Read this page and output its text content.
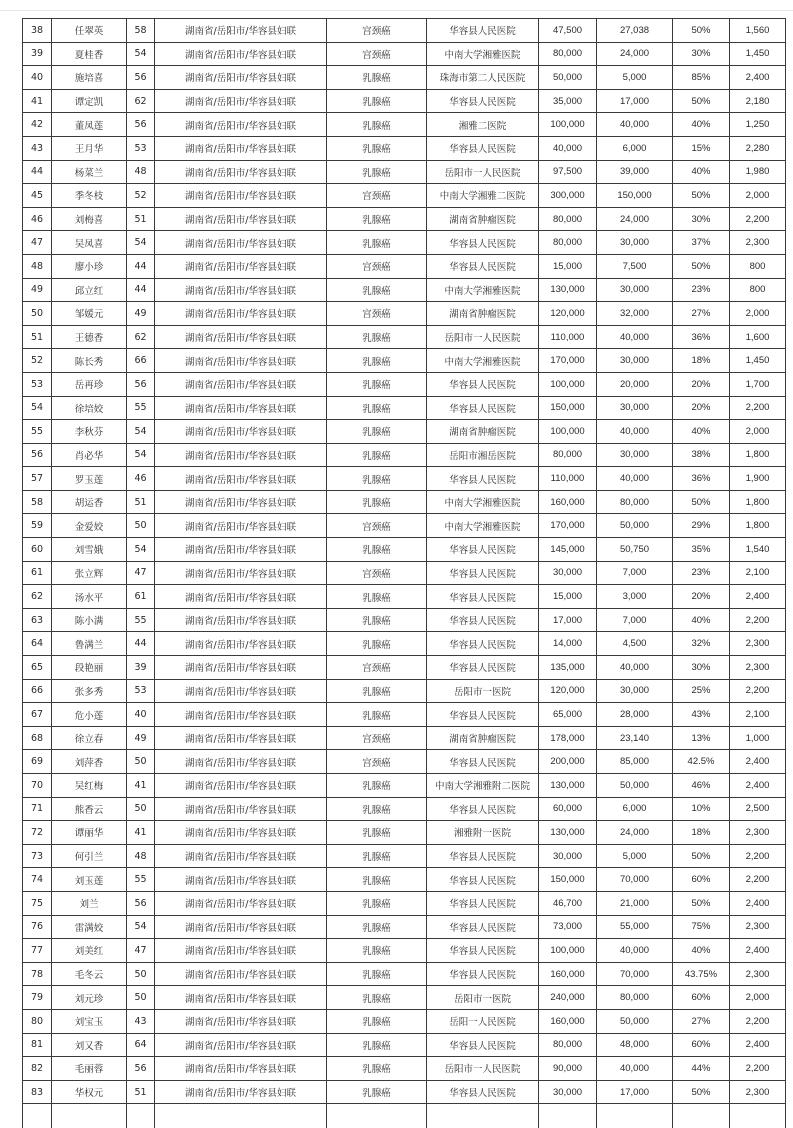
38	任翠英	58	湖南省/岳阳市/华容县妇联	宫颈癌	华容县人民医院	47,500	27,038	50%	1,560
39	夏桂香	54	湖南省/岳阳市/华容县妇联	宫颈癌	中南大学湘雅医院	80,000	24,000	30%	1,450
40	施培喜	56	湖南省/岳阳市/华容县妇联	乳腺癌	珠海市第二人民医院	50,000	5,000	85%	2,400
41	谭定凯	62	湖南省/岳阳市/华容县妇联	乳腺癌	华容县人民医院	35,000	17,000	50%	2,180
42	董凤莲	56	湖南省/岳阳市/华容县妇联	乳腺癌	湘雅二医院	100,000	40,000	40%	1,250
43	王月华	53	湖南省/岳阳市/华容县妇联	乳腺癌	华容县人民医院	40,000	6,000	15%	2,280
44	杨菜兰	48	湖南省/岳阳市/华容县妇联	乳腺癌	岳阳市一人民医院	97,500	39,000	40%	1,980
45	季冬枝	52	湖南省/岳阳市/华容县妇联	宫颈癌	中南大学湘雅二医院	300,000	150,000	50%	2,000
46	刘梅喜	51	湖南省/岳阳市/华容县妇联	乳腺癌	湖南省肿瘤医院	80,000	24,000	30%	2,200
47	吴凤喜	54	湖南省/岳阳市/华容县妇联	乳腺癌	华容县人民医院	80,000	30,000	37%	2,300
48	廖小珍	44	湖南省/岳阳市/华容县妇联	宫颈癌	华容县人民医院	15,000	7,500	50%	800
49	邱立红	44	湖南省/岳阳市/华容县妇联	乳腺癌	中南大学湘雅医院	130,000	30,000	23%	800
50	邹媛元	49	湖南省/岳阳市/华容县妇联	宫颈癌	湖南省肿瘤医院	120,000	32,000	27%	2,000
51	王德香	62	湖南省/岳阳市/华容县妇联	乳腺癌	岳阳市一人民医院	110,000	40,000	36%	1,600
52	陈长秀	66	湖南省/岳阳市/华容县妇联	乳腺癌	中南大学湘雅医院	170,000	30,000	18%	1,450
53	岳再珍	56	湖南省/岳阳市/华容县妇联	乳腺癌	华容县人民医院	100,000	20,000	20%	1,700
54	徐培姣	55	湖南省/岳阳市/华容县妇联	乳腺癌	华容县人民医院	150,000	30,000	20%	2,200
55	李秋芬	54	湖南省/岳阳市/华容县妇联	乳腺癌	湖南省肿瘤医院	100,000	40,000	40%	2,000
56	肖必华	54	湖南省/岳阳市/华容县妇联	乳腺癌	岳阳市湘岳医院	80,000	30,000	38%	1,800
57	罗玉莲	46	湖南省/岳阳市/华容县妇联	乳腺癌	华容县人民医院	110,000	40,000	36%	1,900
58	胡运香	51	湖南省/岳阳市/华容县妇联	乳腺癌	中南大学湘雅医院	160,000	80,000	50%	1,800
59	金爱姣	50	湖南省/岳阳市/华容县妇联	宫颈癌	中南大学湘雅医院	170,000	50,000	29%	1,800
60	刘雪娥	54	湖南省/岳阳市/华容县妇联	乳腺癌	华容县人民医院	145,000	50,750	35%	1,540
61	张立辉	47	湖南省/岳阳市/华容县妇联	宫颈癌	华容县人民医院	30,000	7,000	23%	2,100
62	汤水平	61	湖南省/岳阳市/华容县妇联	乳腺癌	华容县人民医院	15,000	3,000	20%	2,400
63	陈小满	55	湖南省/岳阳市/华容县妇联	乳腺癌	华容县人民医院	17,000	7,000	40%	2,200
64	鲁满兰	44	湖南省/岳阳市/华容县妇联	乳腺癌	华容县人民医院	14,000	4,500	32%	2,300
65	段艳丽	39	湖南省/岳阳市/华容县妇联	宫颈癌	华容县人民医院	135,000	40,000	30%	2,300
66	张多秀	53	湖南省/岳阳市/华容县妇联	乳腺癌	岳阳市一医院	120,000	30,000	25%	2,200
67	危小莲	40	湖南省/岳阳市/华容县妇联	乳腺癌	华容县人民医院	65,000	28,000	43%	2,100
68	徐立春	49	湖南省/岳阳市/华容县妇联	宫颈癌	湖南省肿瘤医院	178,000	23,140	13%	1,000
69	刘萍香	50	湖南省/岳阳市/华容县妇联	宫颈癌	华容县人民医院	200,000	85,000	42.5%	2,400
70	吴红梅	41	湖南省/岳阳市/华容县妇联	乳腺癌	中南大学湘雅附二医院	130,000	50,000	46%	2,400
71	熊香云	50	湖南省/岳阳市/华容县妇联	乳腺癌	华容县人民医院	60,000	6,000	10%	2,500
72	谭丽华	41	湖南省/岳阳市/华容县妇联	乳腺癌	湘雅附一医院	130,000	24,000	18%	2,300
73	何引兰	48	湖南省/岳阳市/华容县妇联	乳腺癌	华容县人民医院	30,000	5,000	50%	2,200
74	刘玉莲	55	湖南省/岳阳市/华容县妇联	乳腺癌	华容县人民医院	150,000	70,000	60%	2,200
75	刘兰	56	湖南省/岳阳市/华容县妇联	乳腺癌	华容县人民医院	46,700	21,000	50%	2,400
76	雷满姣	54	湖南省/岳阳市/华容县妇联	乳腺癌	华容县人民医院	73,000	55,000	75%	2,300
77	刘美红	47	湖南省/岳阳市/华容县妇联	乳腺癌	华容县人民医院	100,000	40,000	40%	2,400
78	毛冬云	50	湖南省/岳阳市/华容县妇联	乳腺癌	华容县人民医院	160,000	70,000	43.75%	2,300
79	刘元珍	50	湖南省/岳阳市/华容县妇联	乳腺癌	岳阳市一医院	240,000	80,000	60%	2,000
80	刘宝玉	43	湖南省/岳阳市/华容县妇联	乳腺癌	岳阳一人民医院	160,000	50,000	27%	2,200
81	刘又香	64	湖南省/岳阳市/华容县妇联	乳腺癌	华容县人民医院	80,000	48,000	60%	2,400
82	毛丽蓉	56	湖南省/岳阳市/华容县妇联	乳腺癌	岳阳市一人民医院	90,000	40,000	44%	2,200
83	华权元	51	湖南省/岳阳市/华容县妇联	乳腺癌	华容县人民医院	30,000	17,000	50%	2,300
